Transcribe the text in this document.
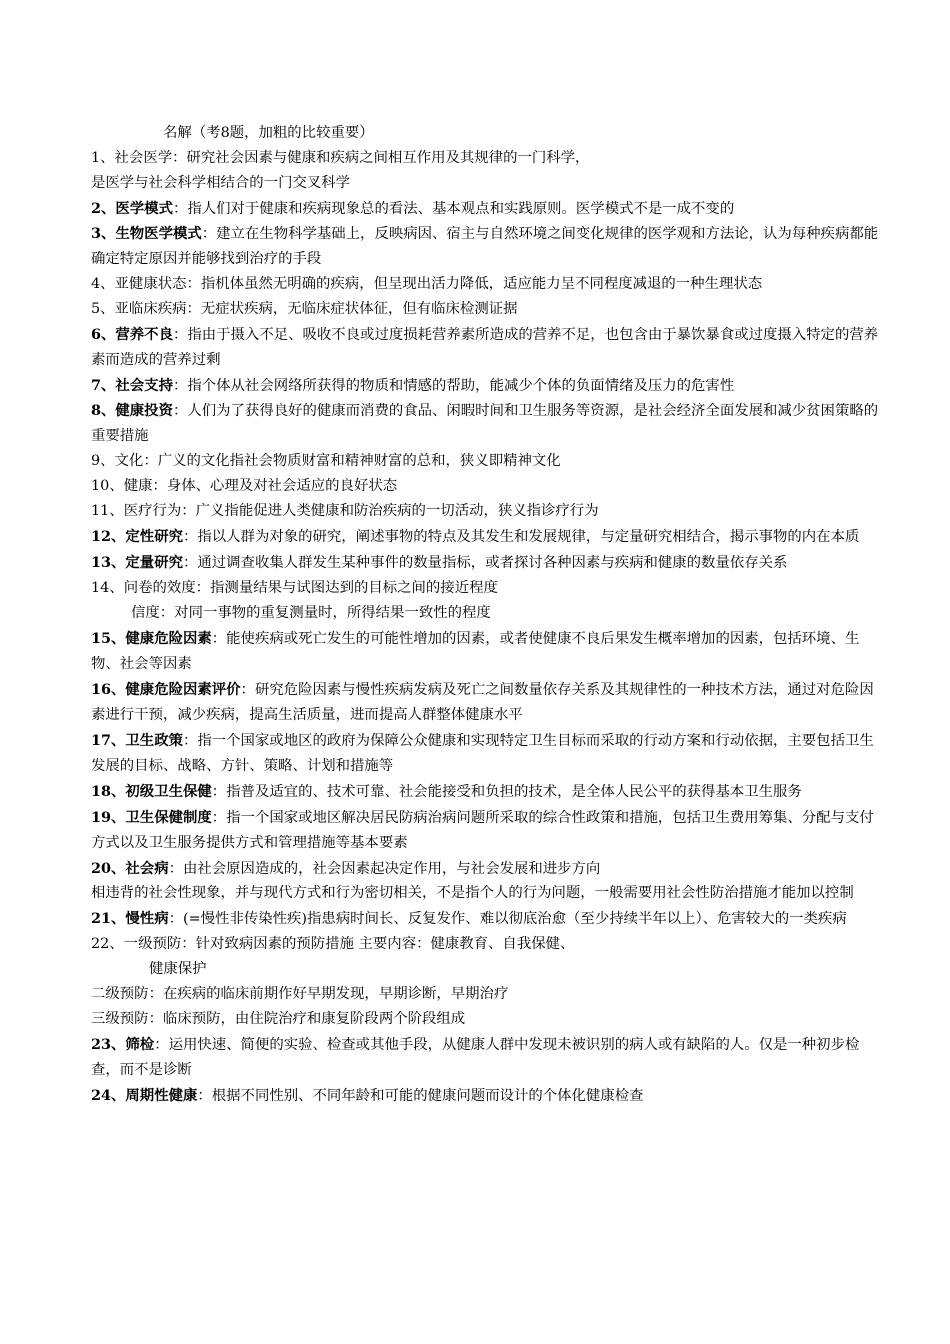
名解（考8题，加粗的比较重要）
1、社会医学：研究社会因素与健康和疾病之间相互作用及其规律的一门科学，
是医学与社会科学相结合的一门交叉科学
2、医学模式：指人们对于健康和疾病现象总的看法、基本观点和实践原则。医学模式不是一成不变的
3、生物医学模式：建立在生物科学基础上，反映病因、宿主与自然环境之间变化规律的医学观和方法论，认为每种疾病都能确定特定原因并能够找到治疗的手段
4、亚健康状态：指机体虽然无明确的疾病，但呈现出活力降低，适应能力呈不同程度减退的一种生理状态
5、亚临床疾病：无症状疾病，无临床症状体征，但有临床检测证据
6、营养不良：指由于摄入不足、吸收不良或过度损耗营养素所造成的营养不足，也包含由于暴饮暴食或过度摄入特定的营养素而造成的营养过剩
7、社会支持：指个体从社会网络所获得的物质和情感的帮助，能减少个体的负面情绪及压力的危害性
8、健康投资：人们为了获得良好的健康而消费的食品、闲暇时间和卫生服务等资源，是社会经济全面发展和减少贫困策略的重要措施
9、文化：广义的文化指社会物质财富和精神财富的总和，狭义即精神文化
10、健康：身体、心理及对社会适应的良好状态
11、医疗行为：广义指能促进人类健康和防治疾病的一切活动，狭义指诊疗行为
12、定性研究：指以人群为对象的研究，阐述事物的特点及其发生和发展规律，与定量研究相结合，揭示事物的内在本质
13、定量研究：通过调查收集人群发生某种事件的数量指标，或者探讨各种因素与疾病和健康的数量依存关系
14、问卷的效度：指测量结果与试图达到的目标之间的接近程度
信度：对同一事物的重复测量时，所得结果一致性的程度
15、健康危险因素：能使疾病或死亡发生的可能性增加的因素，或者使健康不良后果发生概率增加的因素，包括环境、生物、社会等因素
16、健康危险因素评价：研究危险因素与慢性疾病发病及死亡之间数量依存关系及其规律性的一种技术方法，通过对危险因素进行干预，减少疾病，提高生活质量，进而提高人群整体健康水平
17、卫生政策：指一个国家或地区的政府为保障公众健康和实现特定卫生目标而采取的行动方案和行动依据，主要包括卫生发展的目标、战略、方针、策略、计划和措施等
18、初级卫生保健：指普及适宜的、技术可靠、社会能接受和负担的技术，是全体人民公平的获得基本卫生服务
19、卫生保健制度：指一个国家或地区解决居民防病治病问题所采取的综合性政策和措施，包括卫生费用筹集、分配与支付方式以及卫生服务提供方式和管理措施等基本要素
20、社会病：由社会原因造成的，社会因素起决定作用，与社会发展和进步方向
相违背的社会性现象，并与现代方式和行为密切相关，不是指个人的行为问题，一般需要用社会性防治措施才能加以控制
21、慢性病：(=慢性非传染性疾)指患病时间长、反复发作、难以彻底治愈（至少持续半年以上）、危害较大的一类疾病
22、一级预防：针对致病因素的预防措施 主要内容：健康教育、自我保健、
健康保护
二级预防：在疾病的临床前期作好早期发现，早期诊断，早期治疗
三级预防：临床预防，由住院治疗和康复阶段两个阶段组成
23、筛检：运用快速、简便的实验、检查或其他手段，从健康人群中发现未被识别的病人或有缺陷的人。仅是一种初步检查，而不是诊断
24、周期性健康：根据不同性别、不同年龄和可能的健康问题而设计的个体化健康检查
